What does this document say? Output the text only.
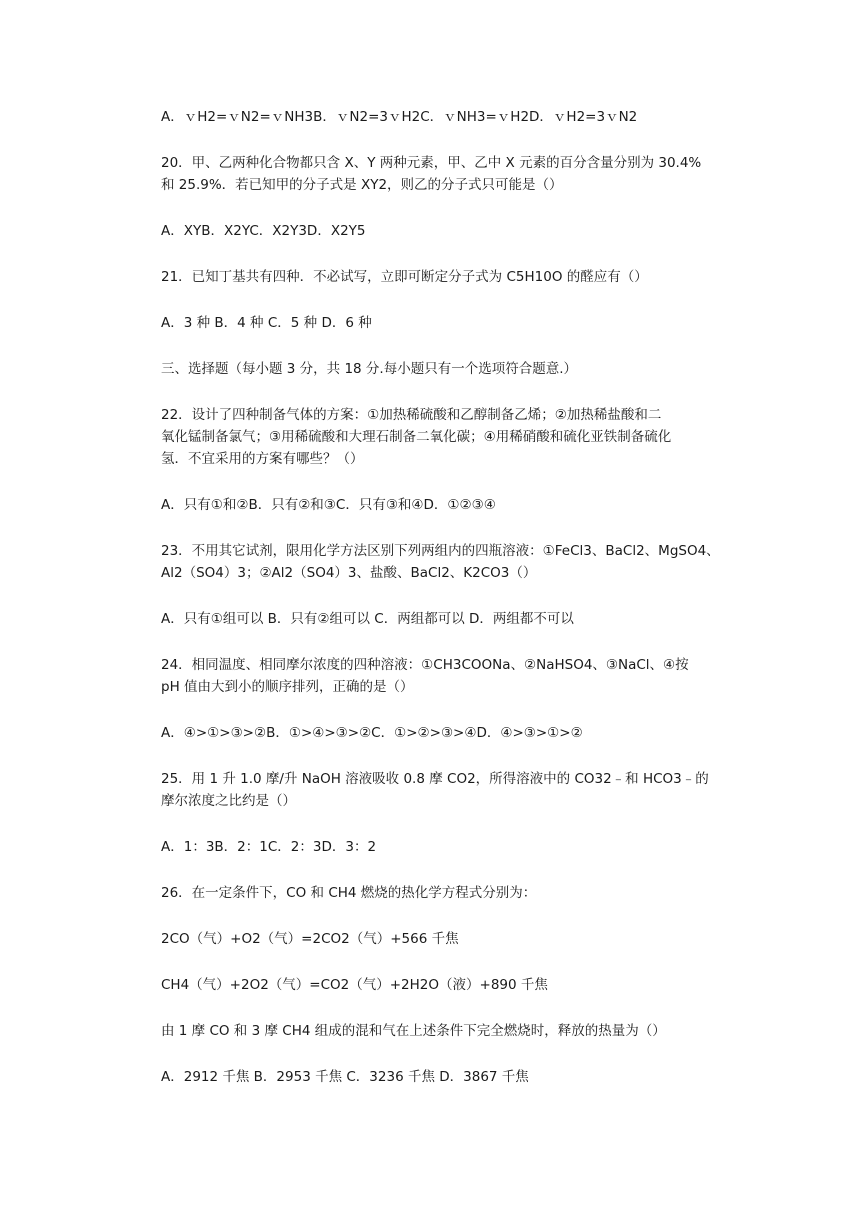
A．ｖH2=ｖN2=ｖNH3B．ｖN2=3ｖH2C．ｖNH3=ｖH2D．ｖH2=3ｖN2

20．甲、乙两种化合物都只含 X、Y 两种元素，甲、乙中 X 元素的百分含量分别为 30.4%

和 25.9%．若已知甲的分子式是 XY2，则乙的分子式只可能是（）

A．XYB．X2YC．X2Y3D．X2Y5

21．已知丁基共有四种．不必试写，立即可断定分子式为 C5H10O 的醛应有（）

A．3 种 B．4 种 C．5 种 D．6 种

三、选择题（每小题 3 分，共 18 分.每小题只有一个选项符合题意.）

22．设计了四种制备气体的方案：①加热稀硫酸和乙醇制备乙烯；②加热稀盐酸和二

氧化锰制备氯气；③用稀硫酸和大理石制备二氧化碳；④用稀硝酸和硫化亚铁制备硫化

氢．不宜采用的方案有哪些？（）

A．只有①和②B．只有②和③C．只有③和④D．①②③④

23．不用其它试剂，限用化学方法区别下列两组内的四瓶溶液：①FeCl3、BaCl2、MgSO4、

Al2（SO4）3；②Al2（SO4）3、盐酸、BaCl2、K2CO3（）

A．只有①组可以 B．只有②组可以 C．两组都可以 D．两组都不可以

24．相同温度、相同摩尔浓度的四种溶液：①CH3COONa、②NaHSO4、③NaCl、④按

pH 值由大到小的顺序排列，正确的是（）

A．④>①>③>②B．①>④>③>②C．①>②>③>④D．④>③>①>②

25．用 1 升 1.0 摩/升 NaOH 溶液吸收 0.8 摩 CO2，所得溶液中的 CO32﹣和 HCO3﹣的

摩尔浓度之比约是（）

A．1：3B．2：1C．2：3D．3：2

26．在一定条件下，CO 和 CH4 燃烧的热化学方程式分别为：

2CO（气）+O2（气）=2CO2（气）+566 千焦

CH4（气）+2O2（气）=CO2（气）+2H2O（液）+890 千焦

由 1 摩 CO 和 3 摩 CH4 组成的混和气在上述条件下完全燃烧时，释放的热量为（）

A．2912 千焦 B．2953 千焦 C．3236 千焦 D．3867 千焦
